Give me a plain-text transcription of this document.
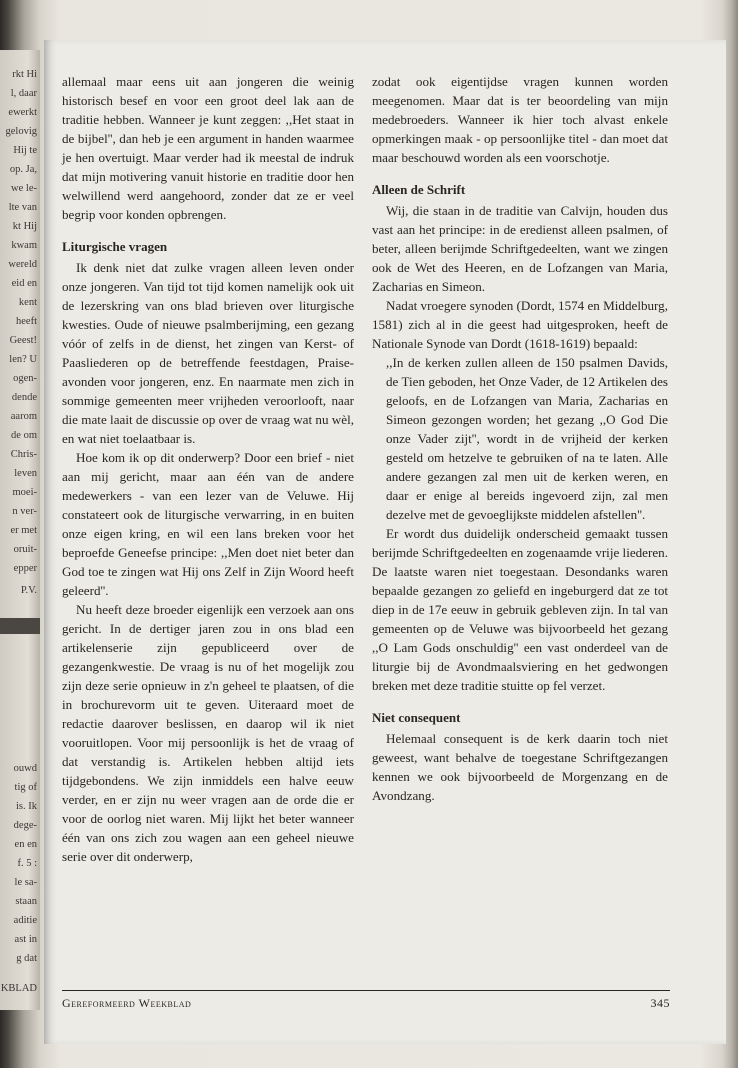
rkt Hi
l, daar
ewerkt
gelovig
Hij te
op. Ja,
we le-
lte van
kt Hij
kwam
wereld
eid en
kent
heeft
Geest!
len? U
ogen-
dende
aarom
de om
Chris-
leven
moei-
n ver-
er met
oruit-
epper
P.V.
ouwd
tig of
is. Ik
dege-
en en
f. 5 :
le sa-
staan
aditie
ast in
g dat
KBLAD

allemaal maar eens uit aan jongeren die weinig historisch besef en voor een groot deel lak aan de traditie hebben. Wanneer je kunt zeggen: ,,Het staat in de bijbel'', dan heb je een argument in handen waarmee je hen overtuigt. Maar verder had ik meestal de indruk dat mijn motivering vanuit historie en traditie door hen welwillend werd aangehoord, zonder dat ze er veel begrip voor konden opbrengen.

Liturgische vragen

Ik denk niet dat zulke vragen alleen leven onder onze jongeren. Van tijd tot tijd komen namelijk ook uit de lezerskring van ons blad brieven over liturgische kwesties. Oude of nieuwe psalmberijming, een gezang vóór of zelfs in de dienst, het zingen van Kerst- of Paasliederen op de betreffende feestdagen, Praise-avonden voor jongeren, enz. En naarmate men zich in sommige gemeenten meer vrijheden veroorlooft, naar die mate laait de discussie op over de vraag wat nu wèl, en wat niet toelaatbaar is.

Hoe kom ik op dit onderwerp? Door een brief - niet aan mij gericht, maar aan één van de andere medewerkers - van een lezer van de Veluwe. Hij constateert ook de liturgische verwarring, in en buiten onze eigen kring, en wil een lans breken voor het beproefde Geneefse principe: ,,Men doet niet beter dan God toe te zingen wat Hij ons Zelf in Zijn Woord heeft geleerd''.

Nu heeft deze broeder eigenlijk een verzoek aan ons gericht. In de dertiger jaren zou in ons blad een artikelenserie zijn gepubliceerd over de gezangenkwestie. De vraag is nu of het mogelijk zou zijn deze serie opnieuw in z'n geheel te plaatsen, of die in brochurevorm uit te geven. Uiteraard moet de redactie daarover beslissen, en daarop wil ik niet vooruitlopen. Voor mij persoonlijk is het de vraag of dat verstandig is. Artikelen hebben altijd iets tijdgebondens. We zijn inmiddels een halve eeuw verder, en er zijn nu weer vragen aan de orde die er voor de oorlog niet waren. Mij lijkt het beter wanneer één van ons zich zou wagen aan een geheel nieuwe serie over dit onderwerp,

zodat ook eigentijdse vragen kunnen worden meegenomen. Maar dat is ter beoordeling van mijn medebroeders. Wanneer ik hier toch alvast enkele opmerkingen maak - op persoonlijke titel - dan moet dat maar beschouwd worden als een voorschotje.

Alleen de Schrift

Wij, die staan in de traditie van Calvijn, houden dus vast aan het principe: in de eredienst alleen psalmen, of beter, alleen berijmde Schriftgedeelten, want we zingen ook de Wet des Heeren, en de Lofzangen van Maria, Zacharias en Simeon.

Nadat vroegere synoden (Dordt, 1574 en Middelburg, 1581) zich al in die geest had uitgesproken, heeft de Nationale Synode van Dordt (1618-1619) bepaald:

,,In de kerken zullen alleen de 150 psalmen Davids, de Tien geboden, het Onze Vader, de 12 Artikelen des geloofs, en de Lofzangen van Maria, Zacharias en Simeon gezongen worden; het gezang ,,O God Die onze Vader zijt'', wordt in de vrijheid der kerken gesteld om hetzelve te gebruiken of na te laten. Alle andere gezangen zal men uit de kerken weren, en daar er enige al bereids ingevoerd zijn, zal men dezelve met de gevoeglijkste middelen afstellen''.

Er wordt dus duidelijk onderscheid gemaakt tussen berijmde Schriftgedeelten en zogenaamde vrije liederen. De laatste waren niet toegestaan. Desondanks waren bepaalde gezangen zo geliefd en ingeburgerd dat ze tot diep in de 17e eeuw in gebruik gebleven zijn. In tal van gemeenten op de Veluwe was bijvoorbeeld het gezang ,,O Lam Gods onschuldig'' een vast onderdeel van de liturgie bij de Avondmaalsviering en het gedwongen breken met deze traditie stuitte op fel verzet.

Niet consequent

Helemaal consequent is de kerk daarin toch niet geweest, want behalve de toegestane Schriftgezangen kennen we ook bijvoorbeeld de Morgenzang en de Avondzang.

Gereformeerd Weekblad	345
